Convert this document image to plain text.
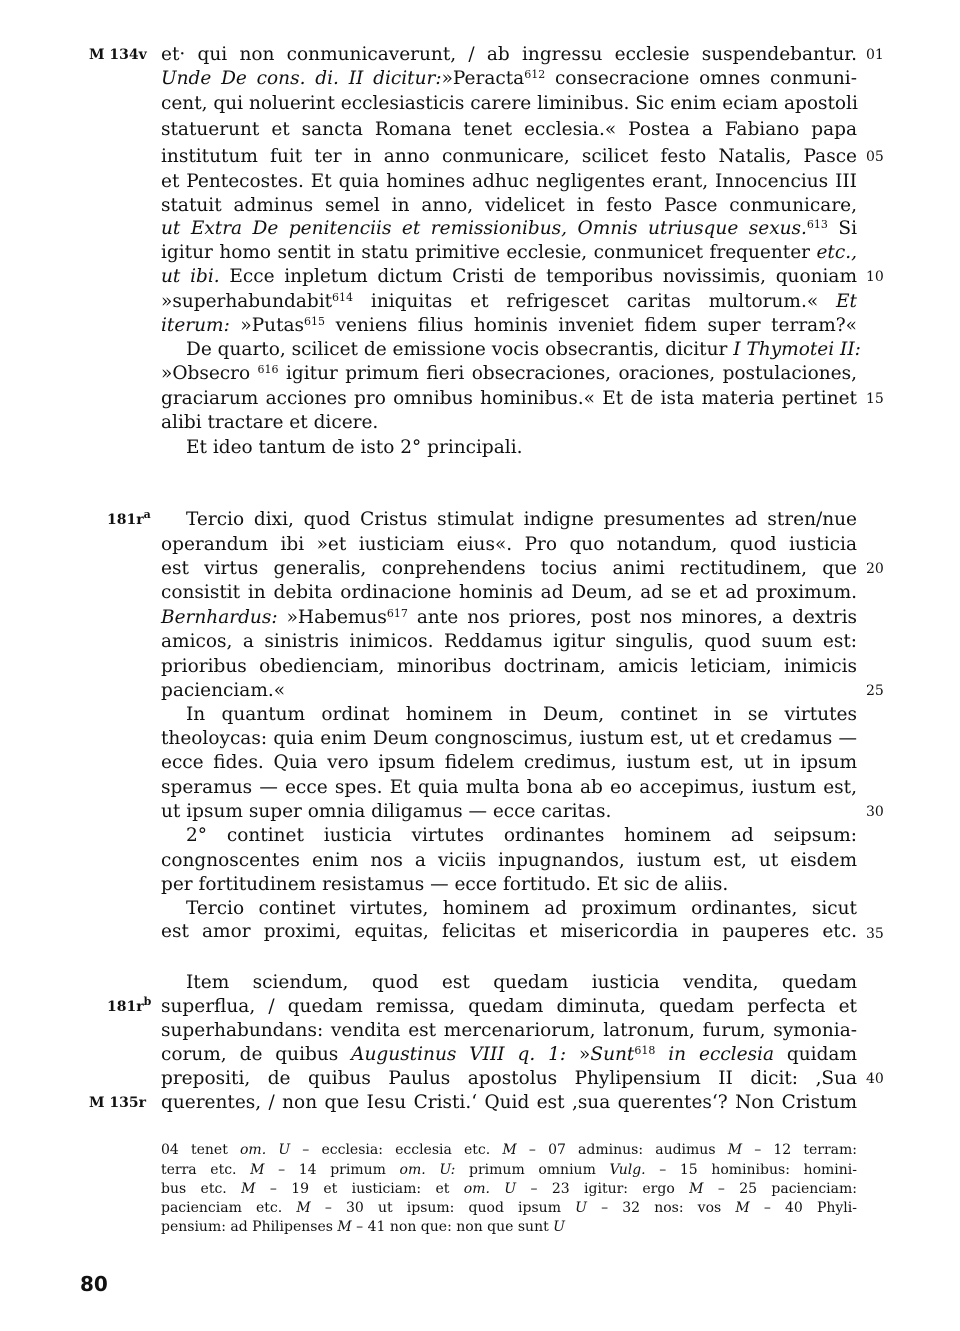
M 134v
$181r^a$
$181r^b$
M 135r
01
05
10
15
20
25
30
35
40
et· qui non conmunicaverunt, / ab ingressu ecclesie suspendebantur.
Unde De cons. di. II dicitur:»Peracta$^{612}$ consecracione omnes conmuni-
cent, qui noluerint ecclesiasticis carere liminibus. Sic enim eciam apostoli
statuerunt et sancta Romana tenet ecclesia.« Postea a Fabiano papa
institutum fuit ter in anno conmunicare, scilicet festo Natalis, Pasce
et Pentecostes. Et quia homines adhuc negligentes erant, Innocencius III
statuit adminus semel in anno, videlicet in festo Pasce conmunicare,
ut Extra De penitenciis et remissionibus, Omnis utriusque sexus.$^{613}$ Si
igitur homo sentit in statu primitive ecclesie, conmunicet frequenter etc.,
ut ibi. Ecce inpletum dictum Cristi de temporibus novissimis, quoniam
»superhabundabit$^{614}$ iniquitas et refrigescet caritas multorum.« Et
iterum: »Putas$^{615}$ veniens filius hominis inveniet fidem super terram?«
De quarto, scilicet de emissione vocis obsecrantis, dicitur I Thymotei II:
»Obsecro $^{616}$ igitur primum fieri obsecraciones, oraciones, postulaciones,
graciarum acciones pro omnibus hominibus.« Et de ista materia pertinet
alibi tractare et dicere.
Et ideo tantum de isto 2° principali.
Tercio dixi, quod Cristus stimulat indigne presumentes ad stren/nue
operandum ibi »et iusticiam eius«. Pro quo notandum, quod iusticia
est virtus generalis, conprehendens tocius animi rectitudinem, que
consistit in debita ordinacione hominis ad Deum, ad se et ad proximum.
Bernhardus: »Habemus$^{617}$ ante nos priores, post nos minores, a dextris
amicos, a sinistris inimicos. Reddamus igitur singulis, quod suum est:
prioribus obedienciam, minoribus doctrinam, amicis leticiam, inimicis
pacienciam.«
In quantum ordinat hominem in Deum, continet in se virtutes
theoloycas: quia enim Deum congnoscimus, iustum est, ut et credamus —
ecce fides. Quia vero ipsum fidelem credimus, iustum est, ut in ipsum
speramus — ecce spes. Et quia multa bona ab eo accepimus, iustum est,
ut ipsum super omnia diligamus — ecce caritas.
2° continet iusticia virtutes ordinantes hominem ad seipsum:
congnoscentes enim nos a viciis inpugnandos, iustum est, ut eisdem
per fortitudinem resistamus — ecce fortitudo. Et sic de aliis.
Tercio continet virtutes, hominem ad proximum ordinantes, sicut
est amor proximi, equitas, felicitas et misericordia in pauperes etc.
Item sciendum, quod est quedam iusticia vendita, quedam
superflua, / quedam remissa, quedam diminuta, quedam perfecta et
superhabundans: vendita est mercenariorum, latronum, furum, symonia-
corum, de quibus Augustinus VIII q. 1: »Sunt$^{618}$ in ecclesia quidam
prepositi, de quibus Paulus apostolus Phylipensium II dicit: ‚Sua
querentes, / non que Iesu Cristi.‘ Quid est ‚sua querentes‘? Non Cristum
04 tenet om. U – ecclesia: ecclesia etc. M – 07 adminus: audimus M – 12 terram:
terra etc. M – 14 primum om. U: primum omnium Vulg. – 15 hominibus: homini-
bus etc. M – 19 et iusticiam: et om. U – 23 igitur: ergo M – 25 pacienciam:
pacienciam etc. M – 30 ut ipsum: quod ipsum U – 32 nos: vos M – 40 Phyli-
pensium: ad Philipenses M – 41 non que: non que sunt U
80
